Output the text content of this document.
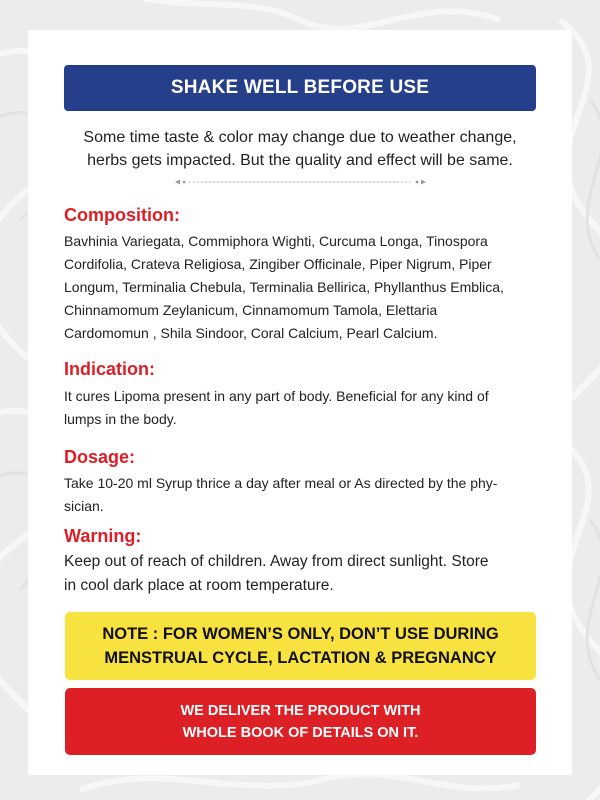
SHAKE WELL BEFORE USE
Some time taste & color may change due to weather change,
herbs gets impacted. But the quality and effect will be same.
Composition:
Bavhinia Variegata, Commiphora Wighti, Curcuma Longa, Tinospora
Cordifolia, Crateva Religiosa, Zingiber Officinale, Piper Nigrum, Piper
Longum, Terminalia Chebula, Terminalia Bellirica, Phyllanthus Emblica,
Chinnamomum Zeylanicum, Cinnamomum Tamola, Elettaria
Cardomomun , Shila Sindoor, Coral Calcium, Pearl Calcium.
Indication:
It cures Lipoma present in any part of body. Beneficial for any kind of
lumps in the body.
Dosage:
Take 10-20 ml Syrup thrice a day after meal or As directed by the phy-
sician.
Warning:
Keep out of reach of children. Away from direct sunlight. Store
in cool dark place at room temperature.
NOTE : FOR WOMEN’S ONLY, DON’T USE DURING
MENSTRUAL CYCLE, LACTATION & PREGNANCY
WE DELIVER THE PRODUCT WITH
WHOLE BOOK OF DETAILS ON IT.
